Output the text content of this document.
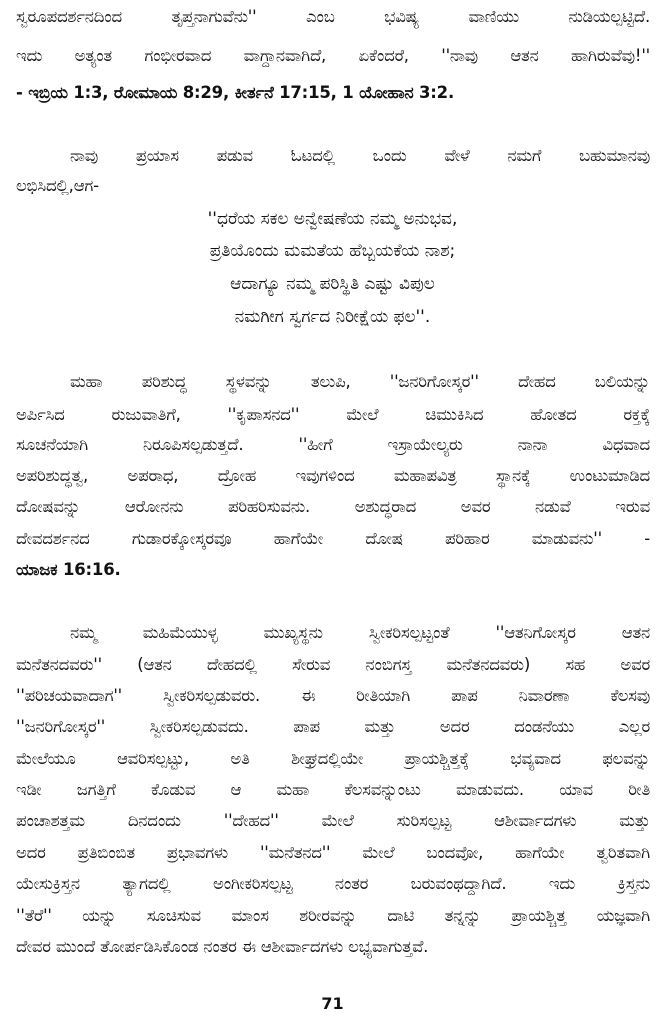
ಸ್ವರೂಪದರ್ಶನದಿಂದ ತೃಪ್ತನಾಗುವೆನು'' ಎಂಬ ಭವಿಷ್ಯ ವಾಣಿಯು ನುಡಿಯಲ್ಪಟ್ಟಿದೆ.
ಇದು ಅತ್ಯಂತ ಗಂಭೀರವಾದ ವಾಗ್ದಾನವಾಗಿದೆ, ಏಕೆಂದರೆ, ''ನಾವು ಆತನ ಹಾಗಿರುವೆವು!''
- ಇಬ್ರಿಯ 1:3, ರೋಮಾಯ 8:29, ಕೀರ್ತನೆ 17:15, 1 ಯೋಹಾನ 3:2.
ನಾವು ಪ್ರಯಾಸ ಪಡುವ ಓಟದಲ್ಲಿ ಒಂದು ವೇಳೆ ನಮಗೆ ಬಹುಮಾನವು
ಲಭಿಸಿದಲ್ಲಿ,ಆಗ-
''ಧರೆಯ ಸಕಲ ಅನ್ವೇಷಣೆಯ ನಮ್ಮ ಅನುಭವ,
ಪ್ರತಿಯೊಂದು ಮಮತೆಯ ಹೆಬ್ಬಯಕೆಯ ನಾಶ;
ಆದಾಗ್ಯೂ ನಮ್ಮ ಪರಿಸ್ಥಿತಿ ಎಷ್ಟು ವಿಪುಲ
ನಮಗೀಗ ಸ್ವರ್ಗದ ನಿರೀಕ್ಷೆಯ ಫಲ''.
ಮಹಾ ಪರಿಶುದ್ಧ ಸ್ಥಳವನ್ನು ತಲುಪಿ, ''ಜನರಿಗೋಸ್ಕರ'' ದೇಹದ ಬಲಿಯನ್ನು
ಅರ್ಪಿಸಿದ ರುಜುವಾತಿಗೆ, ''ಕೃಪಾಸನದ'' ಮೇಲೆ ಚಿಮುಕಿಸಿದ ಹೋತದ ರಕ್ತಕ್ಕೆ
ಸೂಚನೆಯಾಗಿ ನಿರೂಪಿಸಲ್ಪಡುತ್ತದೆ. ''ಹೀಗೆ ಇಸ್ರಾಯೇಲ್ಯರು ನಾನಾ ವಿಧವಾದ
ಅಪರಿಶುದ್ಧತ್ವ, ಅಪರಾಧ, ದ್ರೋಹ ಇವುಗಳಿಂದ ಮಹಾಪವಿತ್ರ ಸ್ಥಾನಕ್ಕೆ ಉಂಟುಮಾಡಿದ
ದೋಷವನ್ನು ಆರೋನನು ಪರಿಹರಿಸುವನು. ಅಶುದ್ಧರಾದ ಅವರ ನಡುವೆ ಇರುವ
ದೇವದರ್ಶನದ ಗುಡಾರಕ್ಕೋಸ್ಕರವೂ ಹಾಗೆಯೇ ದೋಷ ಪರಿಹಾರ ಮಾಡುವನು'' -
ಯಾಜಕ 16:16.
ನಮ್ಮ ಮಹಿಮೆಯುಳ್ಳ ಮುಖ್ಯಸ್ಥನು ಸ್ವೀಕರಿಸಲ್ಪಟ್ಟಂತೆ ''ಆತನಿಗೋಸ್ಕರ ಆತನ
ಮನೆತನದವರು'' (ಆತನ ದೇಹದಲ್ಲಿ ಸೇರುವ ನಂಬಿಗಸ್ತ ಮನೆತನದವರು) ಸಹ ಅವರ
''ಪರಿಚಯವಾದಾಗ'' ಸ್ವೀಕರಿಸಲ್ಪಡುವರು. ಈ ರೀತಿಯಾಗಿ ಪಾಪ ನಿವಾರಣಾ ಕೆಲಸವು
''ಜನರಿಗೋಸ್ಕರ'' ಸ್ವೀಕರಿಸಲ್ಪಡುವದು. ಪಾಪ ಮತ್ತು ಅದರ ದಂಡನೆಯು ಎಲ್ಲರ
ಮೇಲೆಯೂ ಆವರಿಸಲ್ಪಟ್ಟು, ಅತಿ ಶೀಘ್ರದಲ್ಲಿಯೇ ಪ್ರಾಯಶ್ಚಿತ್ತಕ್ಕೆ ಭವ್ಯವಾದ ಫಲವನ್ನು
ಇಡೀ ಜಗತ್ತಿಗೆ ಕೊಡುವ ಆ ಮಹಾ ಕೆಲಸವನ್ನುಂಟು ಮಾಡುವದು. ಯಾವ ರೀತಿ
ಪಂಚಾಶತ್ತಮ ದಿನದಂದು ''ದೇಹದ'' ಮೇಲೆ ಸುರಿಸಲ್ಪಟ್ಟ ಆಶೀರ್ವಾದಗಳು ಮತ್ತು
ಅದರ ಪ್ರತಿಬಿಂಬಿತ ಪ್ರಭಾವಗಳು ''ಮನೆತನದ'' ಮೇಲೆ ಬಂದವೋ, ಹಾಗೆಯೇ ತ್ವರಿತವಾಗಿ
ಯೇಸುಕ್ರಿಸ್ತನ ತ್ಯಾಗದಲ್ಲಿ ಅಂಗೀಕರಿಸಲ್ಪಟ್ಟ ನಂತರ ಬರುವಂಥದ್ದಾಗಿದೆ. ಇದು ಕ್ರಿಸ್ತನು
''ತೆರೆ'' ಯನ್ನು ಸೂಚಿಸುವ ಮಾಂಸ ಶರೀರವನ್ನು ದಾಟಿ ತನ್ನನ್ನು ಪ್ರಾಯಶ್ಚಿತ್ತ ಯಜ್ಞವಾಗಿ
ದೇವರ ಮುಂದೆ ತೋರ್ಪಡಿಸಿಕೊಂಡ ನಂತರ ಈ ಆಶೀರ್ವಾದಗಳು ಲಭ್ಯವಾಗುತ್ತವೆ.
71
